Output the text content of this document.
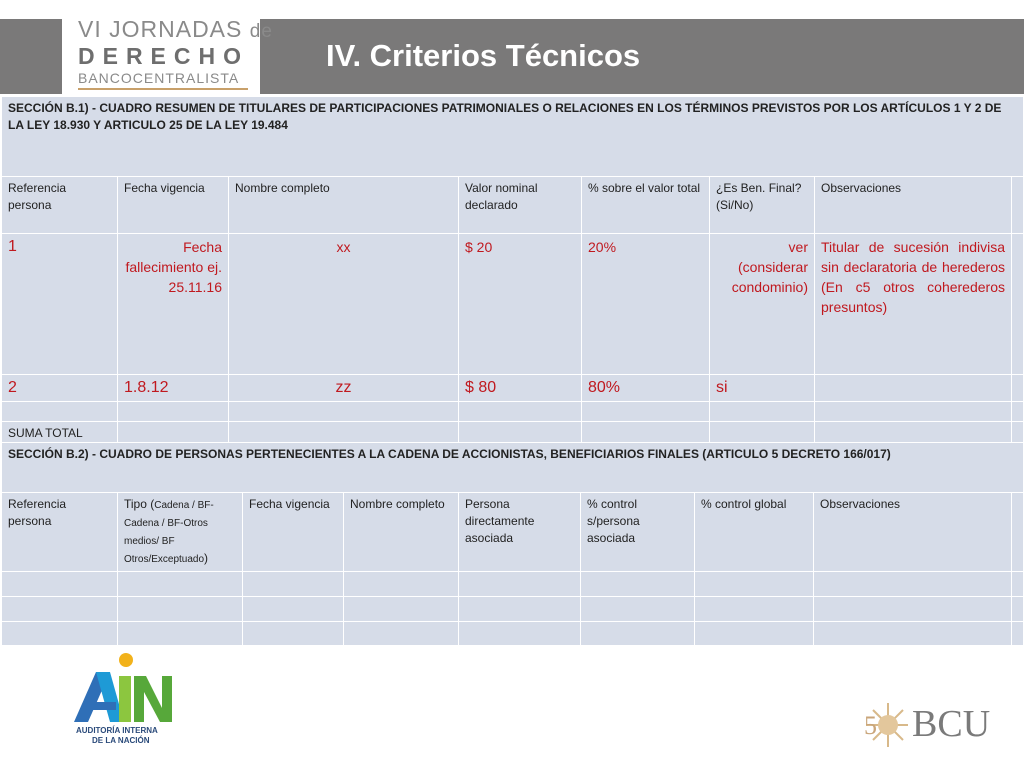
VI JORNADAS de
DERECHO
BANCOCENTRALISTA
IV. Criterios Técnicos
SECCIÓN B.1) - CUADRO RESUMEN DE TITULARES DE PARTICIPACIONES PATRIMONIALES O RELACIONES EN LOS TÉRMINOS PREVISTOS POR LOS ARTÍCULOS 1 Y 2 DE LA LEY 18.930 Y ARTICULO 25 DE LA LEY 19.484							
Referencia persona	Fecha vigencia	Nombre completo	Valor nominal declarado	% sobre el valor total	¿Es Ben. Final? (Si/No)	Observaciones	
1	Fecha fallecimiento ej. 25.11.16	xx	$ 20	20%	ver (considerar condominio)	Titular de sucesión indivisa sin declaratoria de herederos (En c5 otros coherederos presuntos)	
2	1.8.12	zz	$ 80	80%	si		

SUMA TOTAL							
SECCIÓN B.2) - CUADRO DE PERSONAS PERTENECIENTES A LA CADENA DE ACCIONISTAS, BENEFICIARIOS FINALES (ARTICULO 5 DECRETO 166/017)								
Referencia persona	Tipo (Cadena / BF-Cadena / BF-Otros medios/ BF Otros/Exceptuado)	Fecha vigencia	Nombre completo	Persona directamente asociada	% control s/persona asociada	% control global	Observaciones	

AUDITORÍA INTERNA
DE LA NACIÓN
5 BCU
